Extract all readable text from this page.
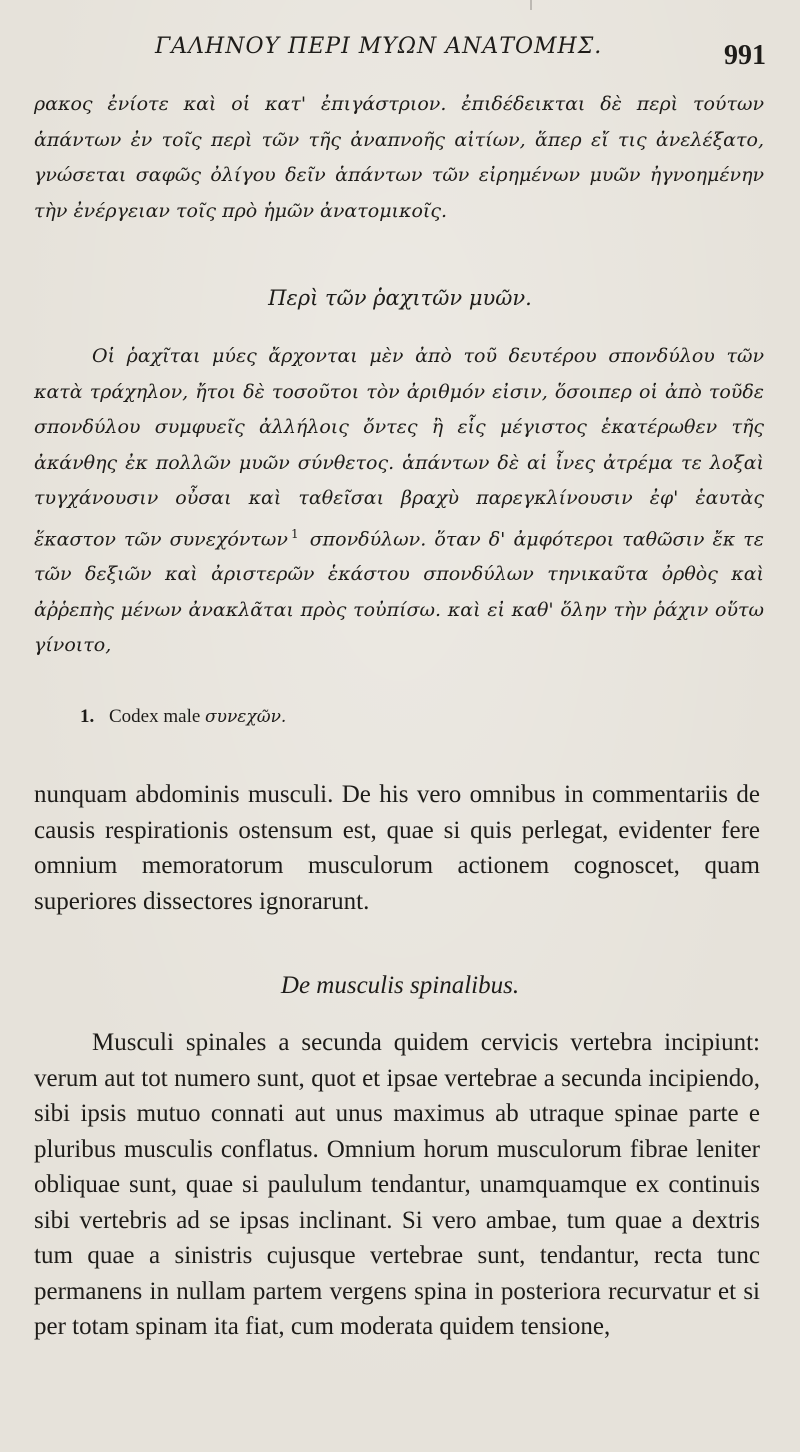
ΓΑΛΗΝΟΥ ΠΕΡΙ ΜΥΩΝ ΑΝΑΤΟΜΗΣ.	991

ρακος ἐνίοτε καὶ οἱ κατ' ἐπιγάστριον. ἐπιδέδεικται δὲ περὶ τούτων ἁπάντων ἐν τοῖς περὶ τῶν τῆς ἀναπνοῆς αἰτίων, ἅπερ εἴ τις ἀνελέξατο, γνώσεται σαφῶς ὀλίγου δεῖν ἁπάντων τῶν εἰρημένων μυῶν ἠγνοημένην τὴν ἐνέργειαν τοῖς πρὸ ἡμῶν ἀνατομικοῖς.

Περὶ τῶν ῥαχιτῶν μυῶν.

Οἱ ῥαχῖται μύες ἄρχονται μὲν ἀπὸ τοῦ δευτέρου σπονδύλου τῶν κατὰ τράχηλον, ἤτοι δὲ τοσοῦτοι τὸν ἀριθμόν εἰσιν, ὅσοιπερ οἱ ἀπὸ τοῦδε σπονδύλου συμφυεῖς ἀλλήλοις ὄντες ἢ εἷς μέγιστος ἑκατέρωθεν τῆς ἀκάνθης ἐκ πολλῶν μυῶν σύνθετος. ἁπάντων δὲ αἱ ἶνες ἀτρέμα τε λοξαὶ τυγχάνουσιν οὖσαι καὶ ταθεῖσαι βραχὺ παρεγκλίνουσιν ἐφ' ἑαυτὰς ἕκαστον τῶν συνεχόντων $^1$ σπονδύλων. ὅταν δ' ἀμφότεροι ταθῶσιν ἔκ τε τῶν δεξιῶν καὶ ἀριστερῶν ἑκάστου σπονδύλων τηνικαῦτα ὀρθὸς καὶ ἀῤῥεπὴς μένων ἀνακλᾶται πρὸς τοὐπίσω. καὶ εἰ καθ' ὅλην τὴν ῥάχιν οὕτω γίνοιτο,

1. Codex male συνεχῶν.

nunquam abdominis musculi. De his vero omnibus in commentariis de causis respirationis ostensum est, quae si quis perlegat, evidenter fere omnium memoratorum musculorum actionem cognoscet, quam superiores dissectores ignorarunt.

De musculis spinalibus.

Musculi spinales a secunda quidem cervicis vertebra incipiunt: verum aut tot numero sunt, quot et ipsae vertebrae a secunda incipiendo, sibi ipsis mutuo connati aut unus maximus ab utraque spinae parte e pluribus musculis conflatus. Omnium horum musculorum fibrae leniter obliquae sunt, quae si paululum tendantur, unamquamque ex continuis sibi vertebris ad se ipsas inclinant. Si vero ambae, tum quae a dextris tum quae a sinistris cujusque vertebrae sunt, tendantur, recta tunc permanens in nullam partem vergens spina in posteriora recurvatur et si per totam spinam ita fiat, cum moderata quidem tensione,
